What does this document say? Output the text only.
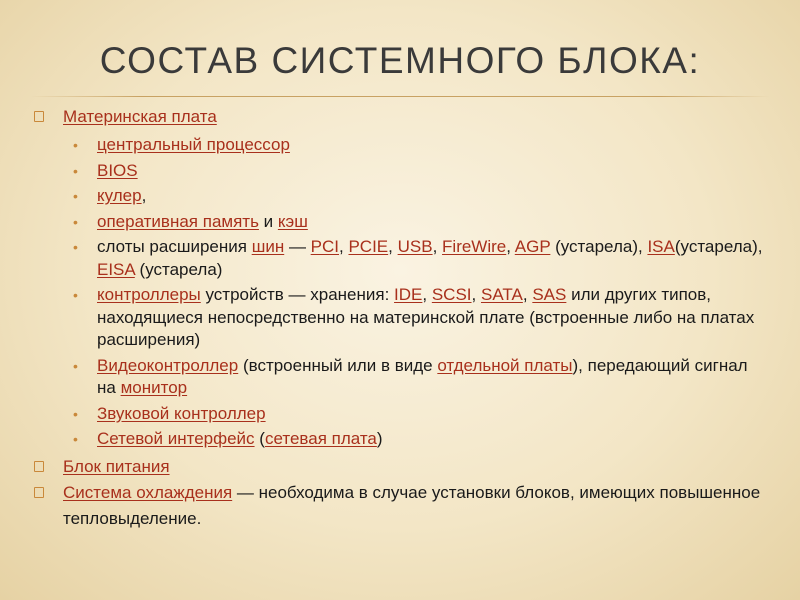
СОСТАВ СИСТЕМНОГО БЛОКА:
Материнская плата
• центральный процессор
• BIOS
• кулер,
• оперативная память и кэш
• слоты расширения шин — PCI, PCIE, USB, FireWire, AGP (устарела), ISA(устарела), EISA (устарела)
• контроллеры устройств — хранения: IDE, SCSI, SATA, SAS или других типов, находящиеся непосредственно на материнской плате (встроенные либо на платах расширения)
• Видеоконтроллер (встроенный или в виде отдельной платы), передающий сигнал на монитор
• Звуковой контроллер
• Сетевой интерфейс (сетевая плата)
Блок питания
Система охлаждения — необходима в случае установки блоков, имеющих повышенное тепловыделение.
